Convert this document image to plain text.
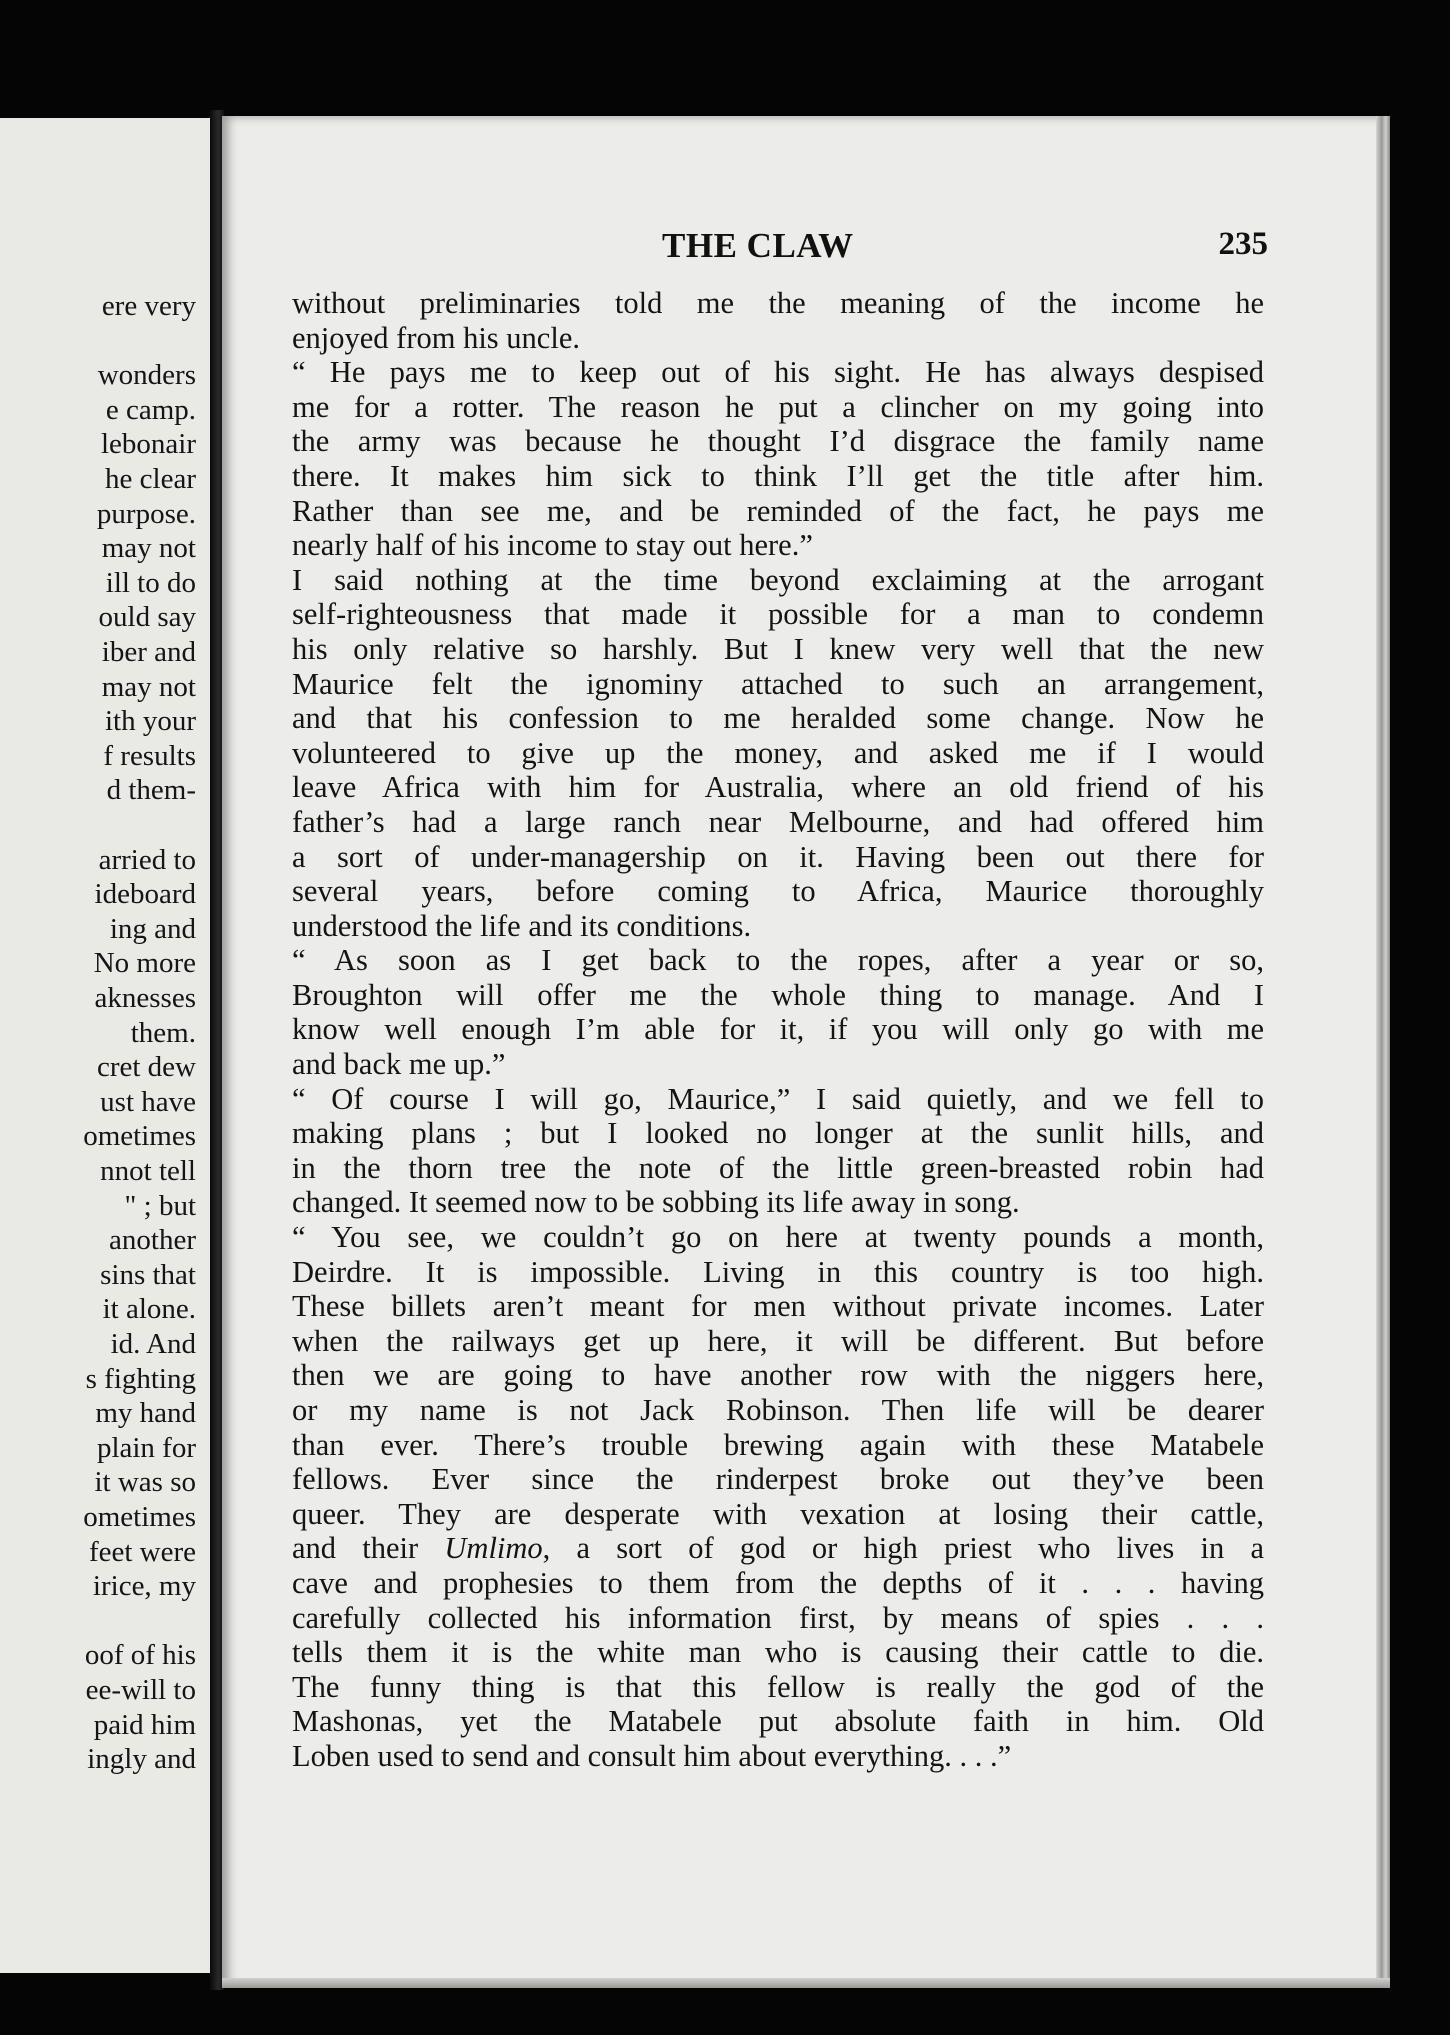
ere very
wonders
e camp.
lebonair
he clear
purpose.
may not
ill to do
ould say
iber and
may not
ith your
f results
d them-
arried to
ideboard
ing and
No more
aknesses
them.
cret dew
ust have
ometimes
nnot tell
" ; but
another
sins that
it alone.
id. And
s fighting
my hand
plain for
it was so
ometimes
feet were
irice, my
oof of his
ee-will to
paid him
ingly and
THE CLAW	235
without preliminaries told me the meaning of the income he
enjoyed from his uncle.
“ He pays me to keep out of his sight. He has always despised
me for a rotter. The reason he put a clincher on my going into
the army was because he thought I’d disgrace the family name
there. It makes him sick to think I’ll get the title after him.
Rather than see me, and be reminded of the fact, he pays me
nearly half of his income to stay out here.”
I said nothing at the time beyond exclaiming at the arrogant
self-righteousness that made it possible for a man to condemn
his only relative so harshly. But I knew very well that the new
Maurice felt the ignominy attached to such an arrangement,
and that his confession to me heralded some change. Now he
volunteered to give up the money, and asked me if I would
leave Africa with him for Australia, where an old friend of his
father’s had a large ranch near Melbourne, and had offered him
a sort of under-managership on it. Having been out there for
several years, before coming to Africa, Maurice thoroughly
understood the life and its conditions.
“ As soon as I get back to the ropes, after a year or so,
Broughton will offer me the whole thing to manage. And I
know well enough I’m able for it, if you will only go with me
and back me up.”
“ Of course I will go, Maurice,” I said quietly, and we fell to
making plans ; but I looked no longer at the sunlit hills, and
in the thorn tree the note of the little green-breasted robin had
changed. It seemed now to be sobbing its life away in song.
“ You see, we couldn’t go on here at twenty pounds a month,
Deirdre. It is impossible. Living in this country is too high.
These billets aren’t meant for men without private incomes. Later
when the railways get up here, it will be different. But before
then we are going to have another row with the niggers here,
or my name is not Jack Robinson. Then life will be dearer
than ever. There’s trouble brewing again with these Matabele
fellows. Ever since the rinderpest broke out they’ve been
queer. They are desperate with vexation at losing their cattle,
and their Umlimo, a sort of god or high priest who lives in a
cave and prophesies to them from the depths of it . . . having
carefully collected his information first, by means of spies . . .
tells them it is the white man who is causing their cattle to die.
The funny thing is that this fellow is really the god of the
Mashonas, yet the Matabele put absolute faith in him. Old
Loben used to send and consult him about everything. . . .”
